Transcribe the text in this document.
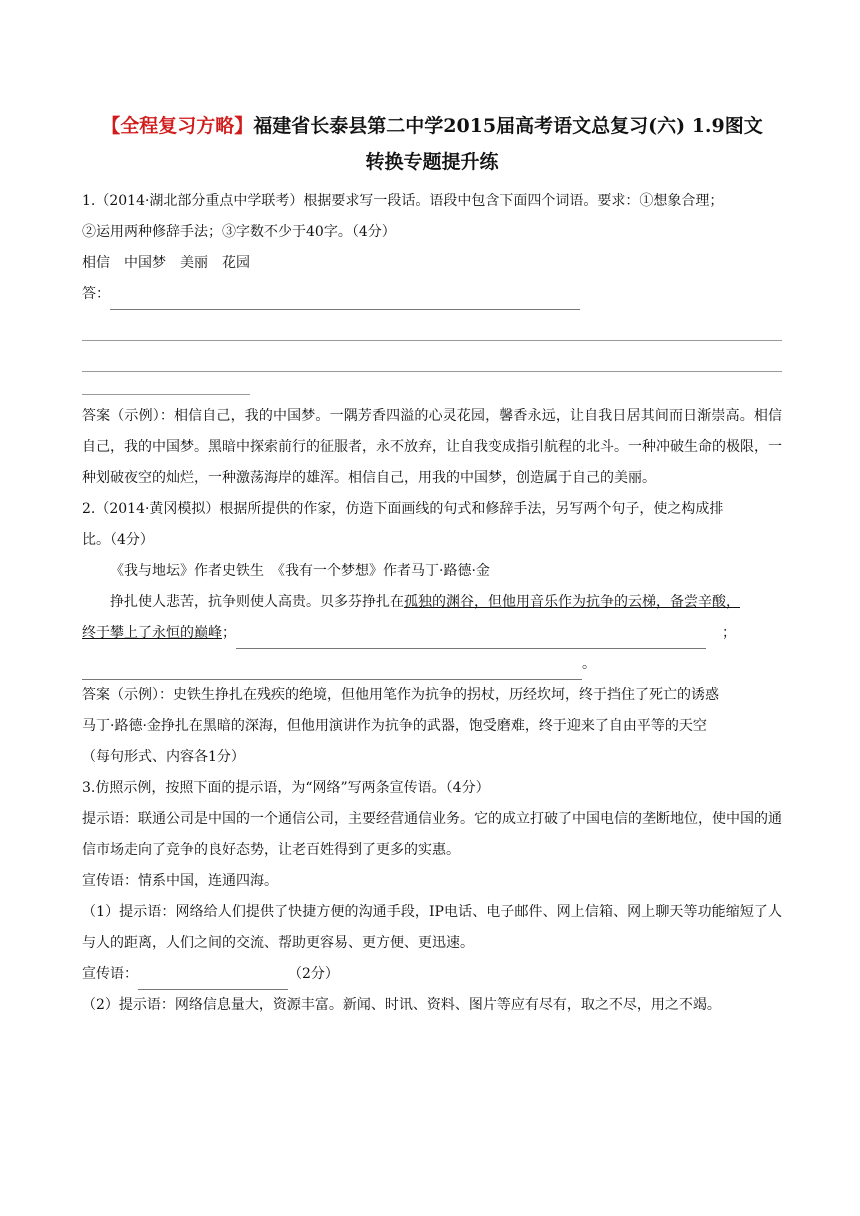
【全程复习方略】福建省长泰县第二中学2015届高考语文总复习(六) 1.9图文
转换专题提升练
1.（2014·湖北部分重点中学联考）根据要求写一段话。语段中包含下面四个词语。要求：①想象合理；
②运用两种修辞手法；③字数不少于40字。（4分）
相信　中国梦　美丽　花园
答：
答案（示例）：相信自己，我的中国梦。一隅芳香四溢的心灵花园，馨香永远，让自我日居其间而日渐崇高。相信自己，我的中国梦。黑暗中探索前行的征服者，永不放弃，让自我变成指引航程的北斗。一种冲破生命的极限，一种划破夜空的灿烂，一种激荡海岸的雄浑。相信自己，用我的中国梦，创造属于自己的美丽。
2.（2014·黄冈模拟）根据所提供的作家，仿造下面画线的句式和修辞手法，另写两个句子，使之构成排
比。（4分）
《我与地坛》作者史铁生　《我有一个梦想》作者马丁·路德·金
挣扎使人悲苦，抗争则使人高贵。贝多芬挣扎在孤独的渊谷，但他用音乐作为抗争的云梯，备尝辛酸，
终于攀上了永恒的巅峰；	；
。
答案（示例）：史铁生挣扎在残疾的绝境，但他用笔作为抗争的拐杖，历经坎坷，终于挡住了死亡的诱惑
马丁·路德·金挣扎在黑暗的深海，但他用演讲作为抗争的武器，饱受磨难，终于迎来了自由平等的天空
（每句形式、内容各1分）
3.仿照示例，按照下面的提示语，为“网络”写两条宣传语。（4分）
提示语：联通公司是中国的一个通信公司，主要经营通信业务。它的成立打破了中国电信的垄断地位，使中国的通信市场走向了竞争的良好态势，让老百姓得到了更多的实惠。
宣传语：情系中国，连通四海。
（1）提示语：网络给人们提供了快捷方便的沟通手段，IP电话、电子邮件、网上信箱、网上聊天等功能缩短了人与人的距离，人们之间的交流、帮助更容易、更方便、更迅速。
宣传语：	（2分）
（2）提示语：网络信息量大，资源丰富。新闻、时讯、资料、图片等应有尽有，取之不尽，用之不竭。
